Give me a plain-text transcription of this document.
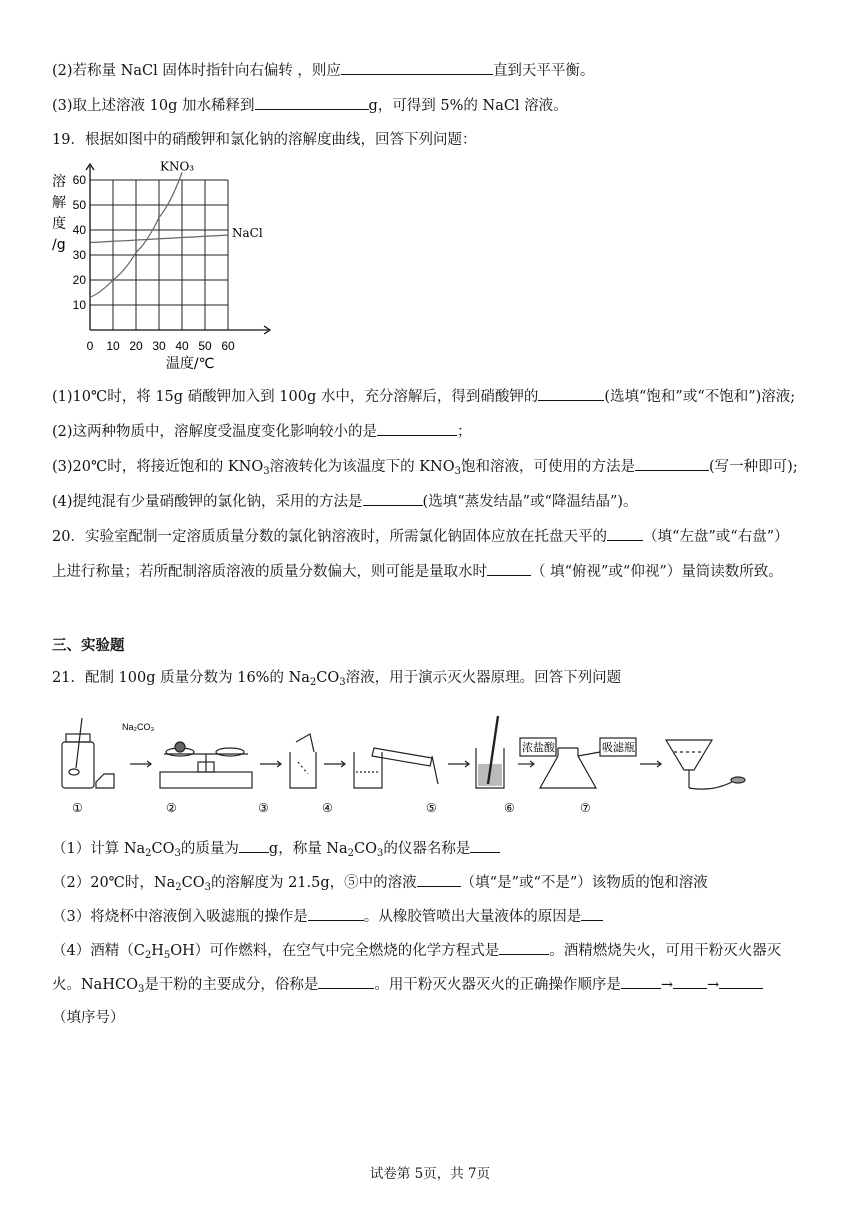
(2)若称量 NaCl 固体时指针向右偏转 ，则应	直到天平平衡。
(3)取上述溶液 10g 加水稀释到	g，可得到 5%的 NaCl 溶液。
19．根据如图中的硝酸钾和氯化钠的溶解度曲线，回答下列问题：
0 10 20 30 40 50 60
10
20
30
40
50
60
KNO₃
NaCl
溶
解
度
/g
温度/℃
(1)10℃时，将 15g 硝酸钾加入到 100g 水中，充分溶解后，得到硝酸钾的	(选填“饱和”或“不饱和”)溶液;
(2)这两种物质中，溶解度受温度变化影响较小的是	；
(3)20℃时，将接近饱和的 $KNO_3$溶液转化为该温度下的 $KNO_3$饱和溶液，可使用的方法是	(写一种即可);
(4)提纯混有少量硝酸钾的氯化钠，采用的方法是	(选填“蒸发结晶”或“降温结晶”)。
20．实验室配制一定溶质质量分数的氯化钠溶液时，所需氯化钠固体应放在托盘天平的 （填“左盘”或“右盘”）
上进行称量；若所配制溶质溶液的质量分数偏大，则可能是量取水时	（ 填“俯视”或“仰视”）量筒读数所致。
三、实验题
21．配制 100g 质量分数为 16%的 $Na_2CO_3$溶液，用于演示灭火器原理。回答下列问题
Na₂CO₃
浓盐酸	吸滤瓶
①	②	③	④	⑤	⑥	⑦
（1）计算 $Na_2CO_3$的质量为 g，称量 $Na_2CO_3$的仪器名称是
（2）20℃时，$Na_2CO_3$的溶解度为 21.5g，⑤中的溶液	（填“是”或“不是”）该物质的饱和溶液
（3）将烧杯中溶液倒入吸滤瓶的操作是	。从橡胶管喷出大量液体的原因是
（4）酒精$(C_2H_5OH)$可作燃料，在空气中完全燃烧的化学方程式是	。酒精燃烧失火，可用干粉灭火器灭
火。NaHCO$_3$是干粉的主要成分，俗称是	。用干粉灭火器灭火的正确操作顺序是	→ →
（填序号）
试卷第 5页，共 7页
